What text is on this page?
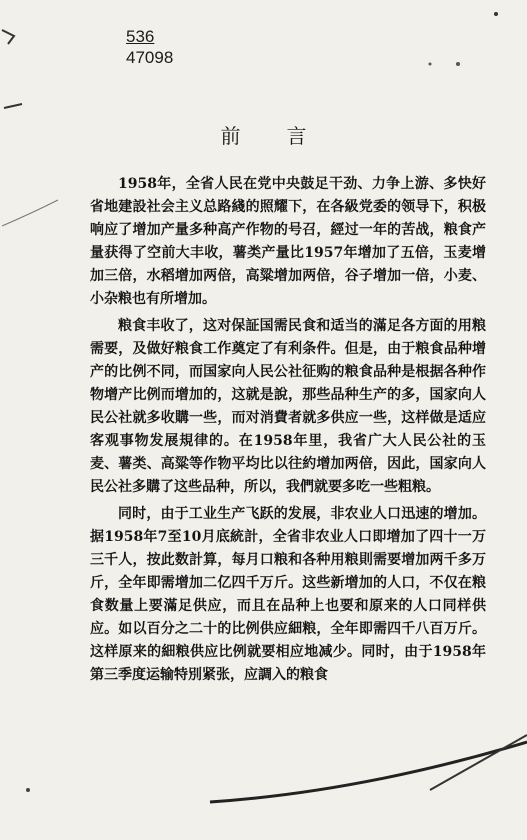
536
47098
前言

1958年，全省人民在党中央鼓足干劲、力争上游、多快好省地建設社会主义总路綫的照耀下，在各級党委的领导下，积极响应了增加产量多种高产作物的号召，經过一年的苦战，粮食产量获得了空前大丰收，薯类产量比1957年增加了五倍，玉麦增加三倍，水稻增加两倍，高粱增加两倍，谷子增加一倍，小麦、小杂粮也有所增加。

粮食丰收了，这对保証国需民食和适当的滿足各方面的用粮需要，及做好粮食工作奠定了有利条件。但是，由于粮食品种增产的比例不同，而国家向人民公社征购的粮食品种是根据各种作物增产比例而增加的，这就是說，那些品种生产的多，国家向人民公社就多收購一些，而对消費者就多供应一些，这样做是适应客观事物发展規律的。在1958年里，我省广大人民公社的玉麦、薯类、高粱等作物平均比以往約增加两倍，因此，国家向人民公社多購了这些品种，所以，我們就要多吃一些粗粮。

同时，由于工业生产飞跃的发展，非农业人口迅速的增加。据1958年7至10月底統計，全省非农业人口即增加了四十一万三千人，按此数計算，每月口粮和各种用粮則需要增加两千多万斤，全年即需增加二亿四千万斤。这些新增加的人口，不仅在粮食数量上要滿足供应，而且在品种上也要和原来的人口同样供应。如以百分之二十的比例供应細粮，全年即需四千八百万斤。这样原来的細粮供应比例就要相应地减少。同时，由于1958年第三季度运输特別紧张，应調入的粮食
